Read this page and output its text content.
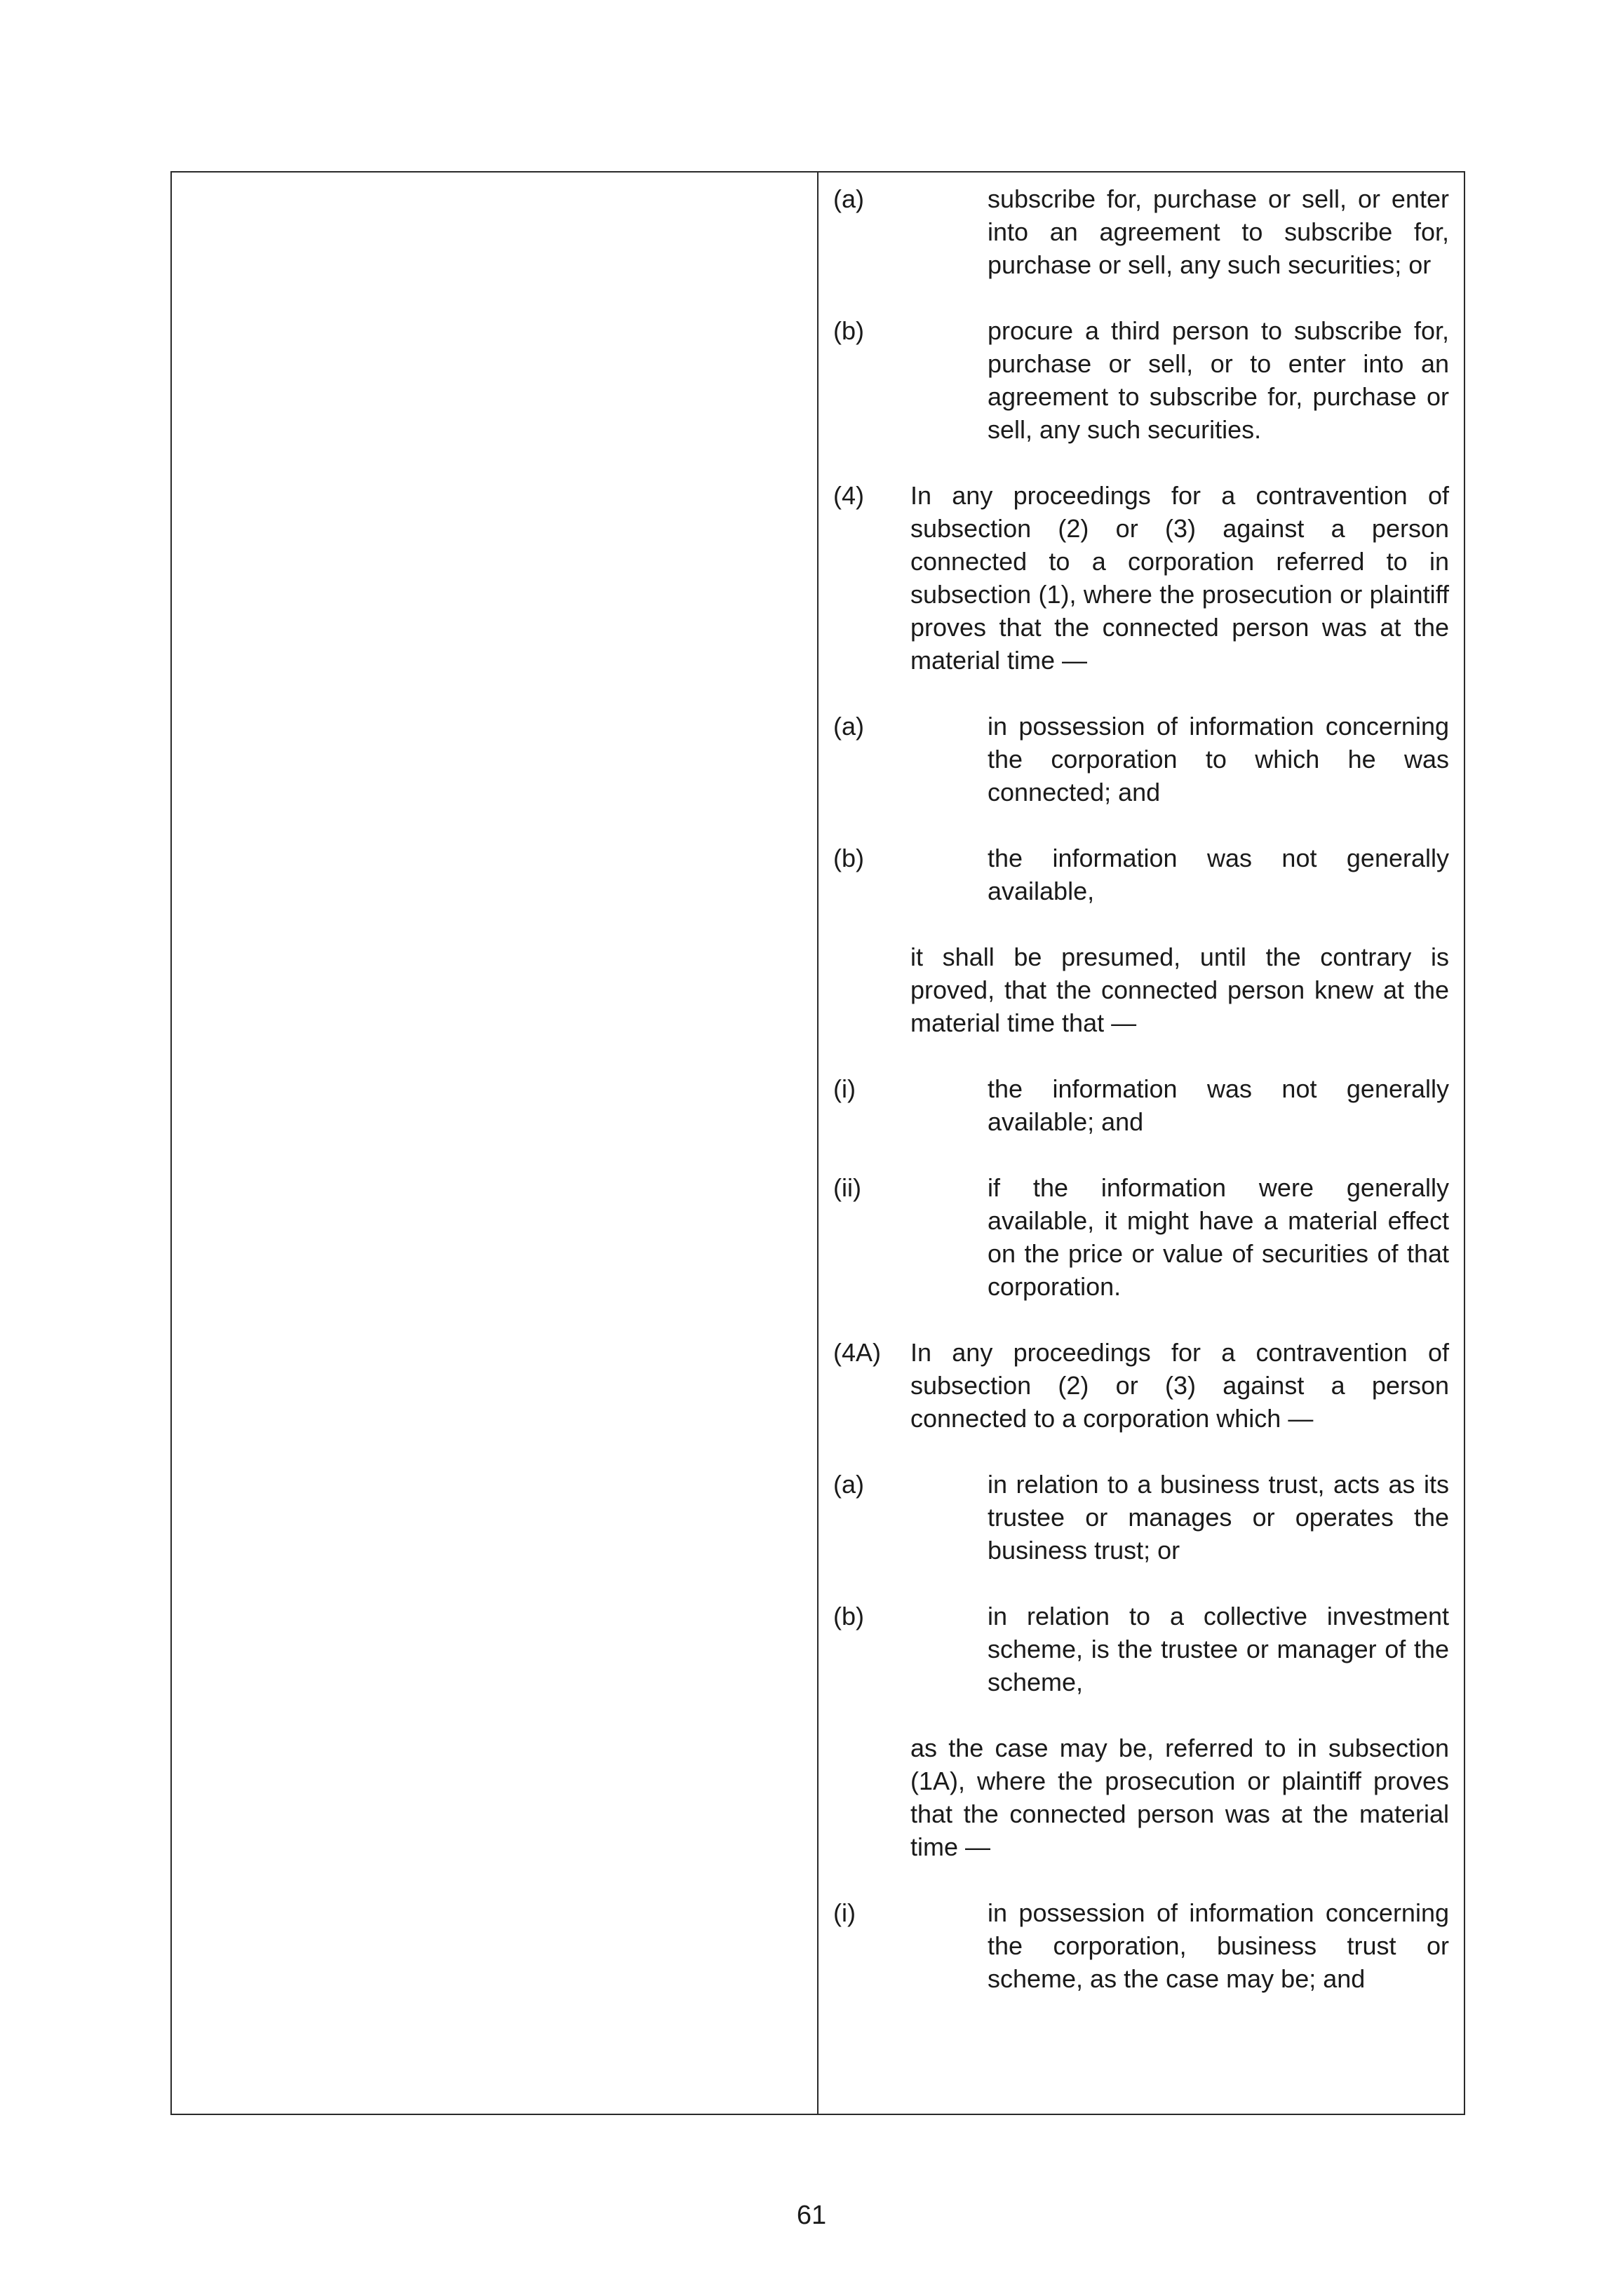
(a)	subscribe for, purchase or sell, or enter into an agreement to subscribe for, purchase or sell, any such securities; or
(b)	procure a third person to subscribe for, purchase or sell, or to enter into an agreement to subscribe for, purchase or sell, any such securities.
(4) In any proceedings for a contravention of subsection (2) or (3) against a person connected to a corporation referred to in subsection (1), where the prosecution or plaintiff proves that the connected person was at the material time —
(a)	in possession of information concerning the corporation to which he was connected; and
(b)	the information was not generally available,
it shall be presumed, until the contrary is proved, that the connected person knew at the material time that —
(i)	the information was not generally available; and
(ii)	if the information were generally available, it might have a material effect on the price or value of securities of that corporation.
(4A) In any proceedings for a contravention of subsection (2) or (3) against a person connected to a corporation which —
(a)	in relation to a business trust, acts as its trustee or manages or operates the business trust; or
(b)	in relation to a collective investment scheme, is the trustee or manager of the scheme,
as the case may be, referred to in subsection (1A), where the prosecution or plaintiff proves that the connected person was at the material time —
(i)	in possession of information concerning the corporation, business trust or scheme, as the case may be; and
61
